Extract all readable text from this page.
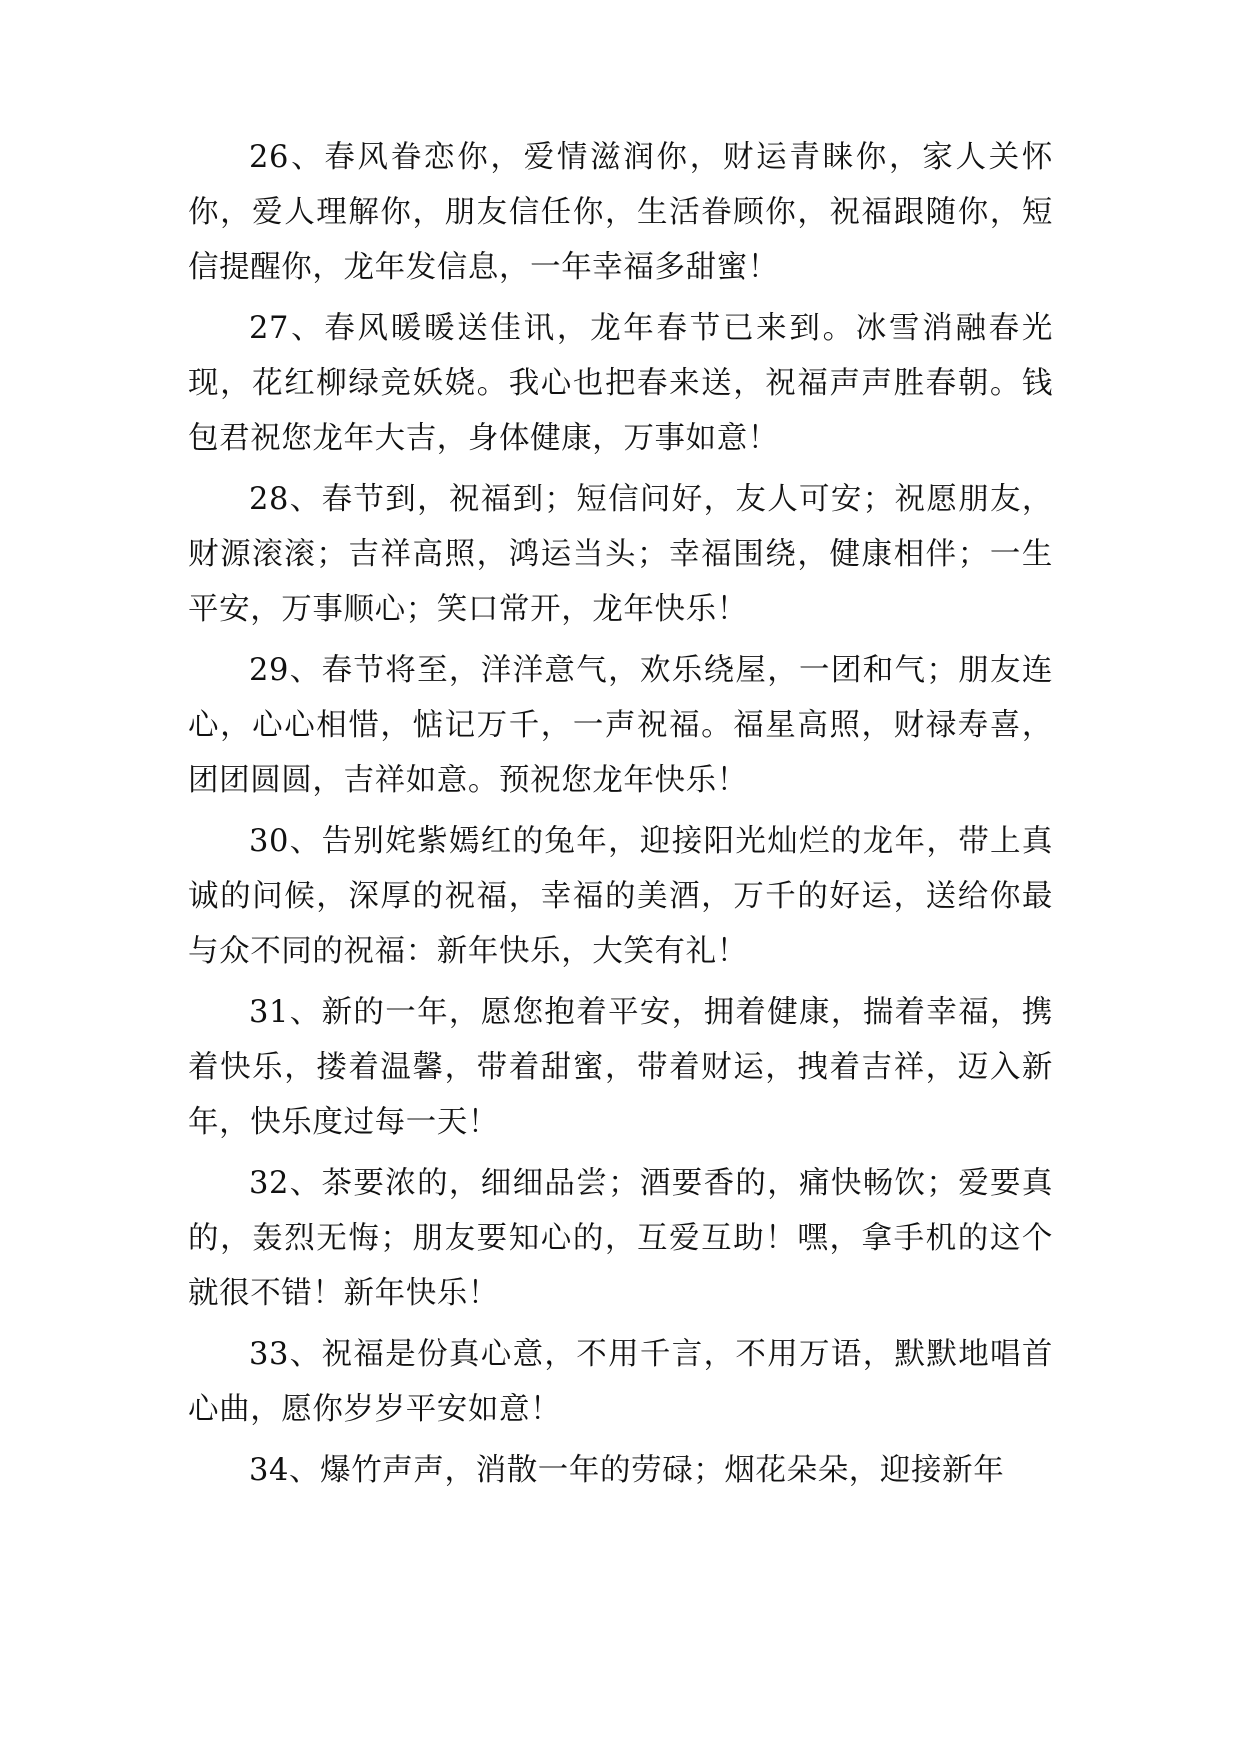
26、春风眷恋你，爱情滋润你，财运青睐你，家人关怀你，爱人理解你，朋友信任你，生活眷顾你，祝福跟随你，短信提醒你，龙年发信息，一年幸福多甜蜜！

27、春风暖暖送佳讯，龙年春节已来到。冰雪消融春光现，花红柳绿竞妖娆。我心也把春来送，祝福声声胜春朝。钱包君祝您龙年大吉，身体健康，万事如意！

28、春节到，祝福到；短信问好，友人可安；祝愿朋友，财源滚滚；吉祥高照，鸿运当头；幸福围绕，健康相伴；一生平安，万事顺心；笑口常开，龙年快乐！

29、春节将至，洋洋意气，欢乐绕屋，一团和气；朋友连心，心心相惜，惦记万千，一声祝福。福星高照，财禄寿喜，团团圆圆，吉祥如意。预祝您龙年快乐！

30、告别姹紫嫣红的兔年，迎接阳光灿烂的龙年，带上真诚的问候，深厚的祝福，幸福的美酒，万千的好运，送给你最与众不同的祝福：新年快乐，大笑有礼！

31、新的一年，愿您抱着平安，拥着健康，揣着幸福，携着快乐，搂着温馨，带着甜蜜，带着财运，拽着吉祥，迈入新年，快乐度过每一天！

32、茶要浓的，细细品尝；酒要香的，痛快畅饮；爱要真的，轰烈无悔；朋友要知心的，互爱互助！嘿，拿手机的这个就很不错！新年快乐！

33、祝福是份真心意，不用千言，不用万语，默默地唱首心曲，愿你岁岁平安如意！

34、爆竹声声，消散一年的劳碌；烟花朵朵，迎接新年
